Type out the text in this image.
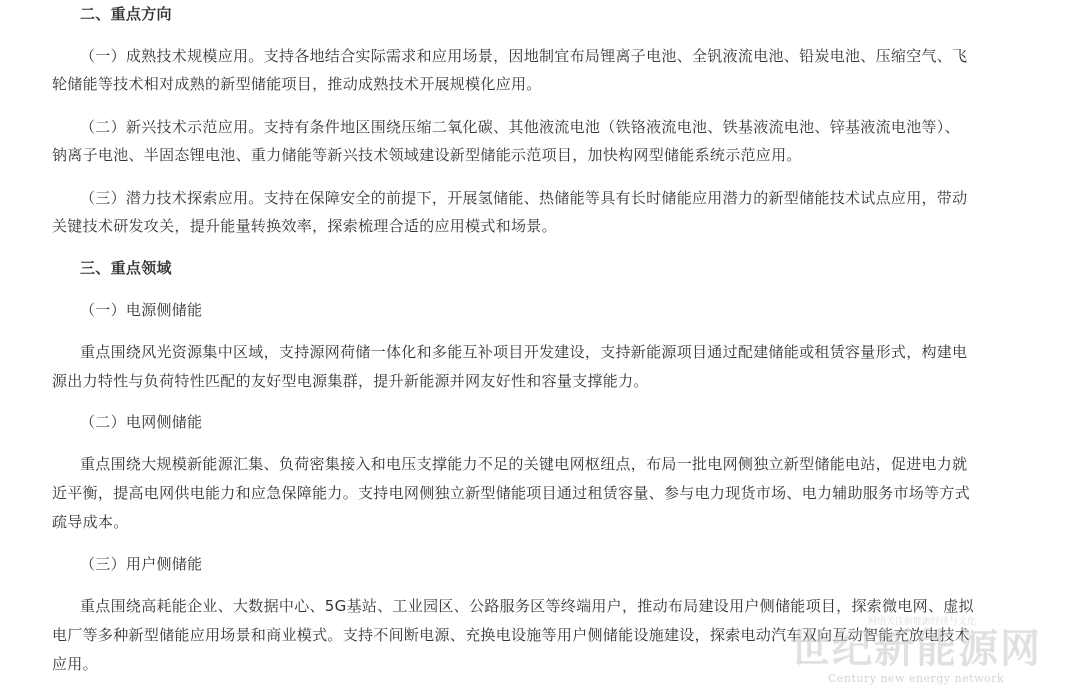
二、重点方向
（一）成熟技术规模应用。支持各地结合实际需求和应用场景，因地制宜布局锂离子电池、全钒液流电池、铅炭电池、压缩空气、飞
轮储能等技术相对成熟的新型储能项目，推动成熟技术开展规模化应用。
（二）新兴技术示范应用。支持有条件地区围绕压缩二氧化碳、其他液流电池（铁铬液流电池、铁基液流电池、锌基液流电池等）、
钠离子电池、半固态锂电池、重力储能等新兴技术领域建设新型储能示范项目，加快构网型储能系统示范应用。
（三）潜力技术探索应用。支持在保障安全的前提下，开展氢储能、热储能等具有长时储能应用潜力的新型储能技术试点应用，带动
关键技术研发攻关，提升能量转换效率，探索梳理合适的应用模式和场景。
三、重点领域
（一）电源侧储能
重点围绕风光资源集中区域，支持源网荷储一体化和多能互补项目开发建设，支持新能源项目通过配建储能或租赁容量形式，构建电
源出力特性与负荷特性匹配的友好型电源集群，提升新能源并网友好性和容量支撑能力。
（二）电网侧储能
重点围绕大规模新能源汇集、负荷密集接入和电压支撑能力不足的关键电网枢纽点，布局一批电网侧独立新型储能电站，促进电力就
近平衡，提高电网供电能力和应急保障能力。支持电网侧独立新型储能项目通过租赁容量、参与电力现货市场、电力辅助服务市场等方式
疏导成本。
（三）用户侧储能
重点围绕高耗能企业、大数据中心、5G基站、工业园区、公路服务区等终端用户，推动布局建设用户侧储能项目，探索微电网、虚拟
电厂等多种新型储能应用场景和商业模式。支持不间断电源、充换电设施等用户侧储能设施建设，探索电动汽车双向互动智能充放电技术
应用。
网络关注新能源经济与文化
世纪新能源网
Century new energy network
